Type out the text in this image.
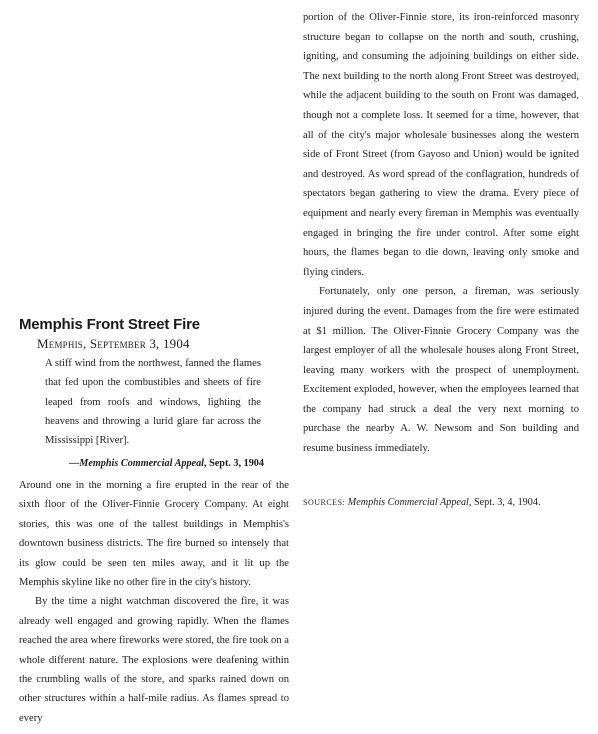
portion of the Oliver-Finnie store, its iron-reinforced masonry structure began to collapse on the north and south, crushing, igniting, and consuming the adjoining buildings on either side. The next building to the north along Front Street was destroyed, while the adjacent building to the south on Front was damaged, though not a complete loss. It seemed for a time, however, that all of the city's major wholesale businesses along the western side of Front Street (from Gayoso and Union) would be ignited and destroyed. As word spread of the conflagration, hundreds of spectators began gathering to view the drama. Every piece of equipment and nearly every fireman in Memphis was eventually engaged in bringing the fire under control. After some eight hours, the flames began to die down, leaving only smoke and flying cinders.

Fortunately, only one person, a fireman, was seriously injured during the event. Damages from the fire were estimated at $1 million. The Oliver-Finnie Grocery Company was the largest employer of all the wholesale houses along Front Street, leaving many workers with the prospect of unemployment. Excitement exploded, however, when the employees learned that the company had struck a deal the very next morning to purchase the nearby A. W. Newsom and Son building and resume business immediately.

SOURCES: Memphis Commercial Appeal, Sept. 3, 4, 1904.
Memphis Front Street Fire
Memphis, September 3, 1904

A stiff wind from the northwest, fanned the flames that fed upon the combustibles and sheets of fire leaped from roofs and windows, lighting the heavens and throwing a lurid glare far across the Mississippi [River].

—Memphis Commercial Appeal, Sept. 3, 1904

Around one in the morning a fire erupted in the rear of the sixth floor of the Oliver-Finnie Grocery Company. At eight stories, this was one of the tallest buildings in Memphis's downtown business districts. The fire burned so intensely that its glow could be seen ten miles away, and it lit up the Memphis skyline like no other fire in the city's history.

By the time a night watchman discovered the fire, it was already well engaged and growing rapidly. When the flames reached the area where fireworks were stored, the fire took on a whole different nature. The explosions were deafening within the crumbling walls of the store, and sparks rained down on other structures within a half-mile radius. As flames spread to every
